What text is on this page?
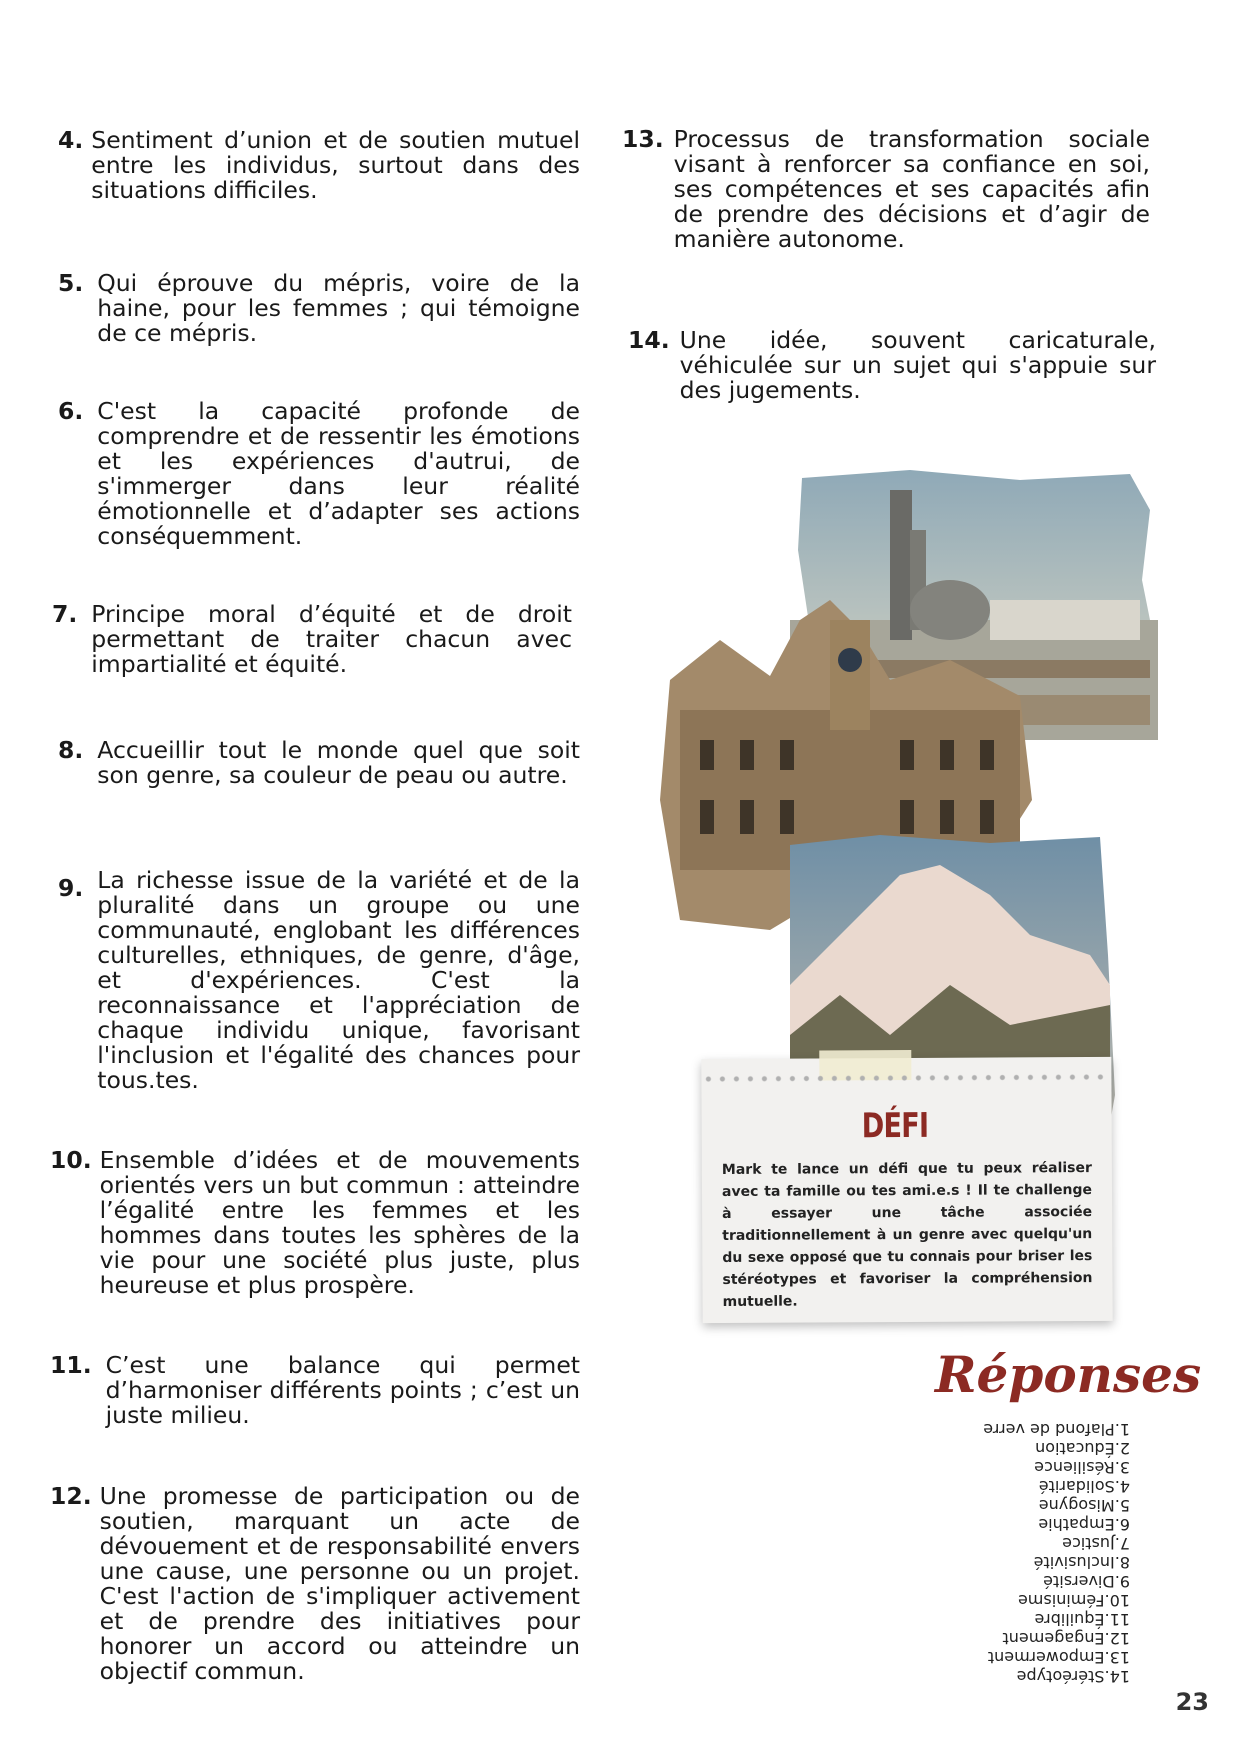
4. Sentiment d’union et de soutien mutuel entre les individus, surtout dans des situations difficiles.
5. Qui éprouve du mépris, voire de la haine, pour les femmes ; qui témoigne de ce mépris.
6. C'est la capacité profonde de comprendre et de ressentir les émotions et les expériences d'autrui, de s'immerger dans leur réalité émotionnelle et d’adapter ses actions conséquemment.
7. Principe moral d’équité et de droit permettant de traiter chacun avec impartialité et équité.
8. Accueillir tout le monde quel que soit son genre, sa couleur de peau ou autre.
9. La richesse issue de la variété et de la pluralité dans un groupe ou une communauté, englobant les différences culturelles, ethniques, de genre, d'âge, et d'expériences. C'est la reconnaissance et l'appréciation de chaque individu unique, favorisant l'inclusion et l'égalité des chances pour tous.tes.
10. Ensemble d’idées et de mouvements orientés vers un but commun : atteindre l’égalité entre les femmes et les hommes dans toutes les sphères de la vie pour une société plus juste, plus heureuse et plus prospère.
11. C’est une balance qui permet d’harmoniser différents points ; c’est un juste milieu.
12. Une promesse de participation ou de soutien, marquant un acte de dévouement et de responsabilité envers une cause, une personne ou un projet. C'est l'action de s'impliquer activement et de prendre des initiatives pour honorer un accord ou atteindre un objectif commun.
13. Processus de transformation sociale visant à renforcer sa confiance en soi, ses compétences et ses capacités afin de prendre des décisions et d’agir de manière autonome.
14. Une idée, souvent caricaturale, véhiculée sur un sujet qui s'appuie sur des jugements.
DÉFI
Mark te lance un défi que tu peux réaliser avec ta famille ou tes ami.e.s ! Il te challenge à essayer une tâche associée traditionnellement à un genre avec quelqu'un du sexe opposé que tu connais pour briser les stéréotypes et favoriser la compréhension mutuelle.
Réponses
14.Stéréotype
13.Empowerment
12.Engagement
11.Équilibre
10.Féminisme
9.Diversité
8.Inclusivité
7.Justice
6.Empathie
5.Misogyne
4.Solidarité
3.Résilience
2.Éducation
1.Plafond de verre
23
